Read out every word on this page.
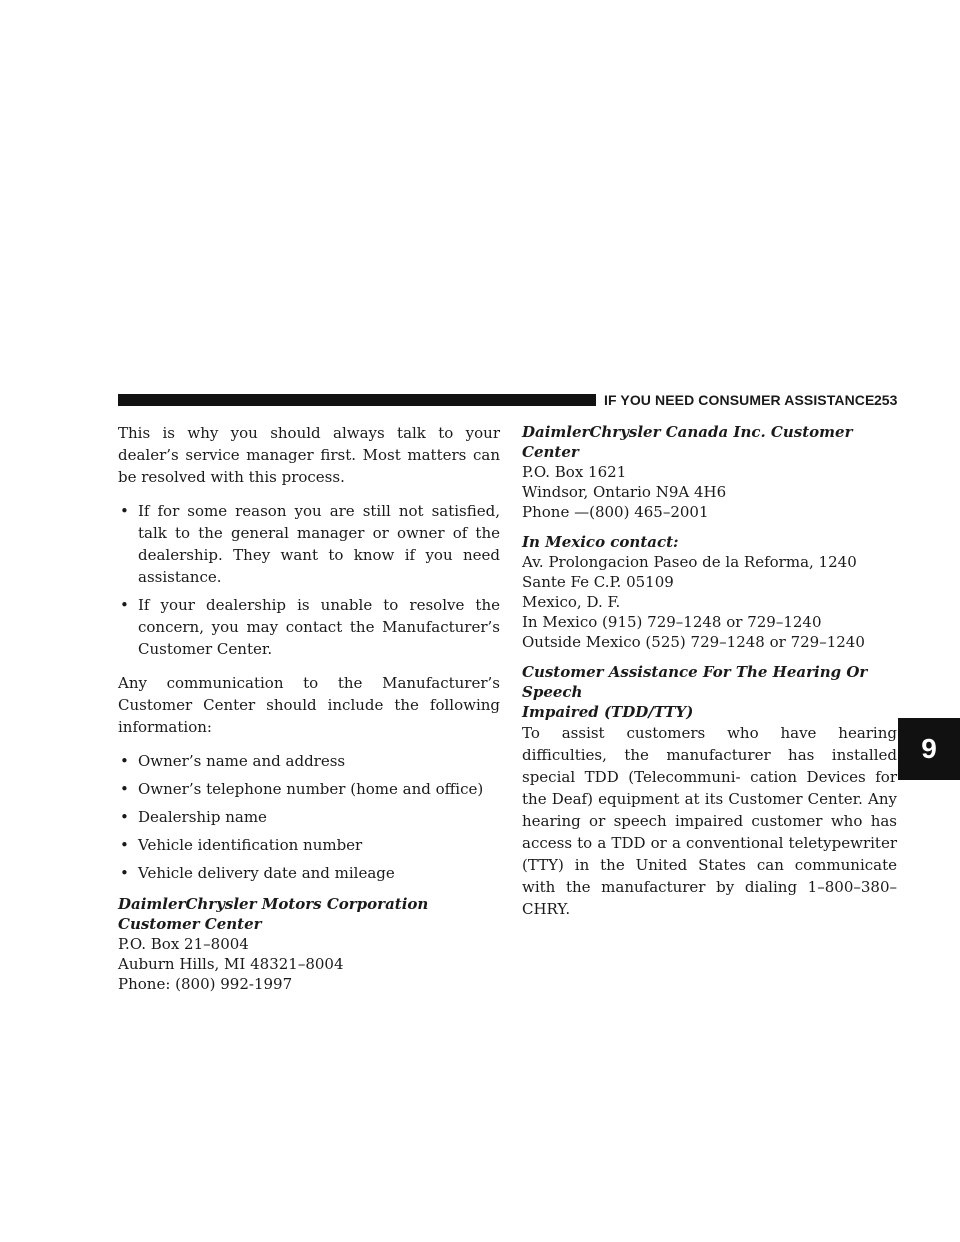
IF YOU NEED CONSUMER ASSISTANCE 253

This is why you should always talk to your dealer’s service manager first. Most matters can be resolved with this process.

• If for some reason you are still not satisfied, talk to the general manager or owner of the dealership. They want to know if you need assistance.
• If your dealership is unable to resolve the concern, you may contact the Manufacturer’s Customer Center.

Any communication to the Manufacturer’s Customer Center should include the following information:

• Owner’s name and address
• Owner’s telephone number (home and office)
• Dealership name
• Vehicle identification number
• Vehicle delivery date and mileage

DaimlerChrysler Motors Corporation Customer Center

P.O. Box 21–8004

Auburn Hills, MI 48321–8004

Phone: (800) 992-1997

DaimlerChrysler Canada Inc. Customer Center

P.O. Box 1621

Windsor, Ontario N9A 4H6

Phone —(800) 465–2001

In Mexico contact:

Av. Prolongacion Paseo de la Reforma, 1240

Sante Fe C.P. 05109

Mexico, D. F.

In Mexico (915) 729–1248 or 729–1240

Outside Mexico (525) 729–1248 or 729–1240

Customer Assistance For The Hearing Or Speech

Impaired (TDD/TTY)

To assist customers who have hearing difficulties, the manufacturer has installed special TDD (Telecommuni- cation Devices for the Deaf) equipment at its Customer Center. Any hearing or speech impaired customer who has access to a TDD or a conventional teletypewriter (TTY) in the United States can communicate with the manufacturer by dialing 1–800–380–CHRY.

9
